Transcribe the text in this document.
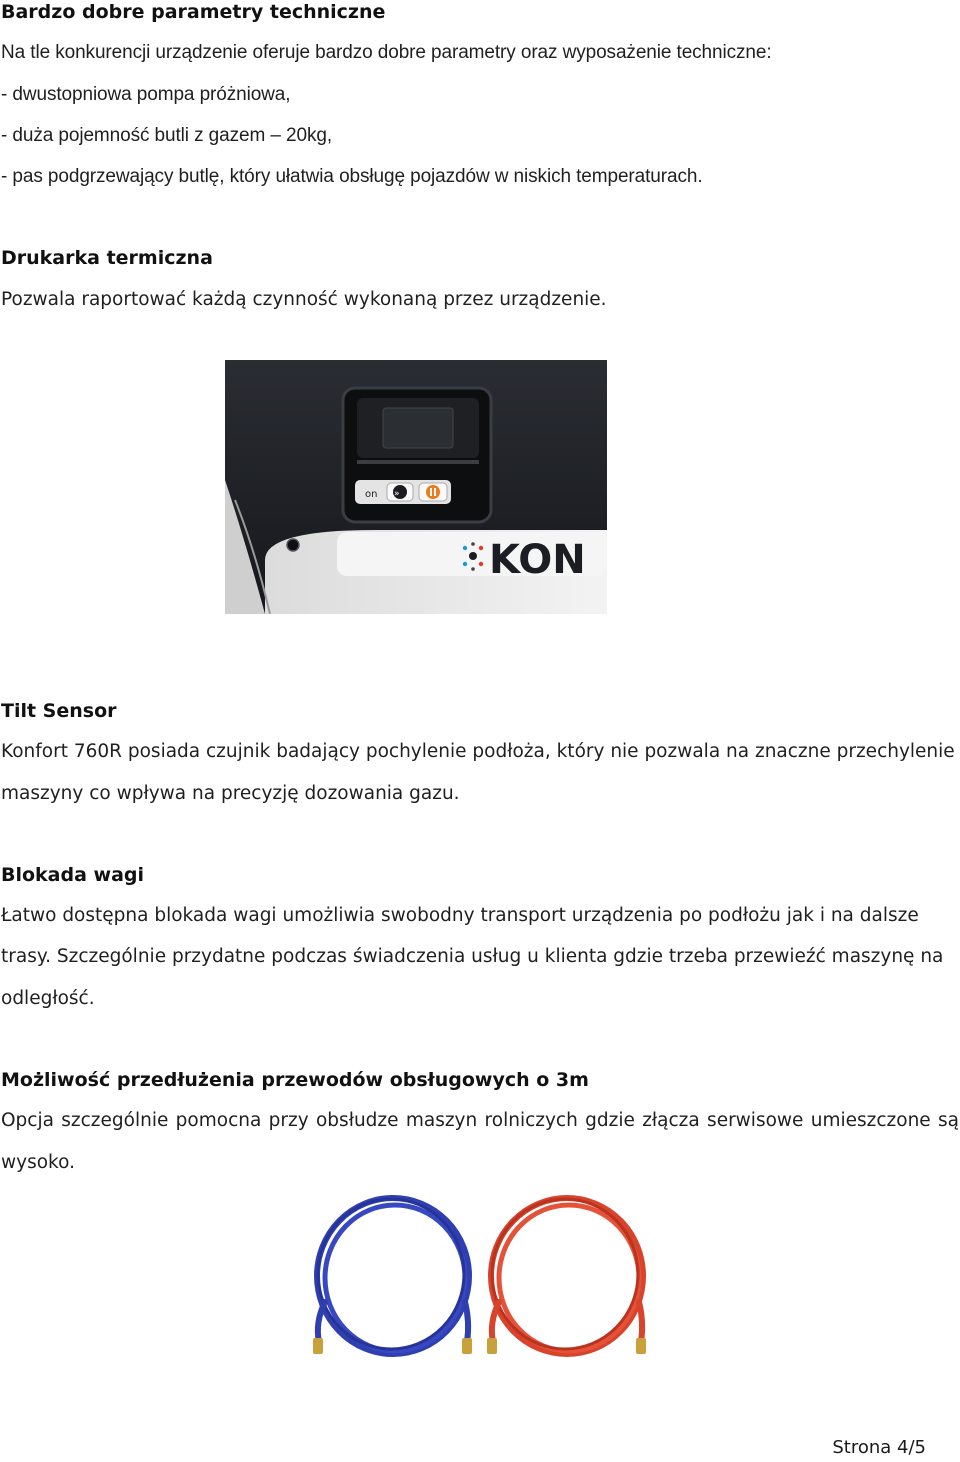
Bardzo dobre parametry techniczne
Na tle konkurencji urządzenie oferuje bardzo dobre parametry oraz wyposażenie techniczne:
- dwustopniowa pompa próżniowa,
- duża pojemność butli z gazem – 20kg,
- pas podgrzewający butlę, który ułatwia obsługę pojazdów w niskich temperaturach.
Drukarka termiczna
Pozwala raportować każdą czynność wykonaną przez urządzenie.
on »
KON
Tilt Sensor
Konfort 760R posiada czujnik badający pochylenie podłoża, który nie pozwala na znaczne przechylenie
maszyny co wpływa na precyzję dozowania gazu.
Blokada wagi
Łatwo dostępna blokada wagi umożliwia swobodny transport urządzenia po podłożu jak i na dalsze
trasy. Szczególnie przydatne podczas świadczenia usług u klienta gdzie trzeba przewieźć maszynę na
odległość.
Możliwość przedłużenia przewodów obsługowych o 3m
Opcja szczególnie pomocna przy obsłudze maszyn rolniczych gdzie złącza serwisowe umieszczone są
wysoko.
Strona 4/5
